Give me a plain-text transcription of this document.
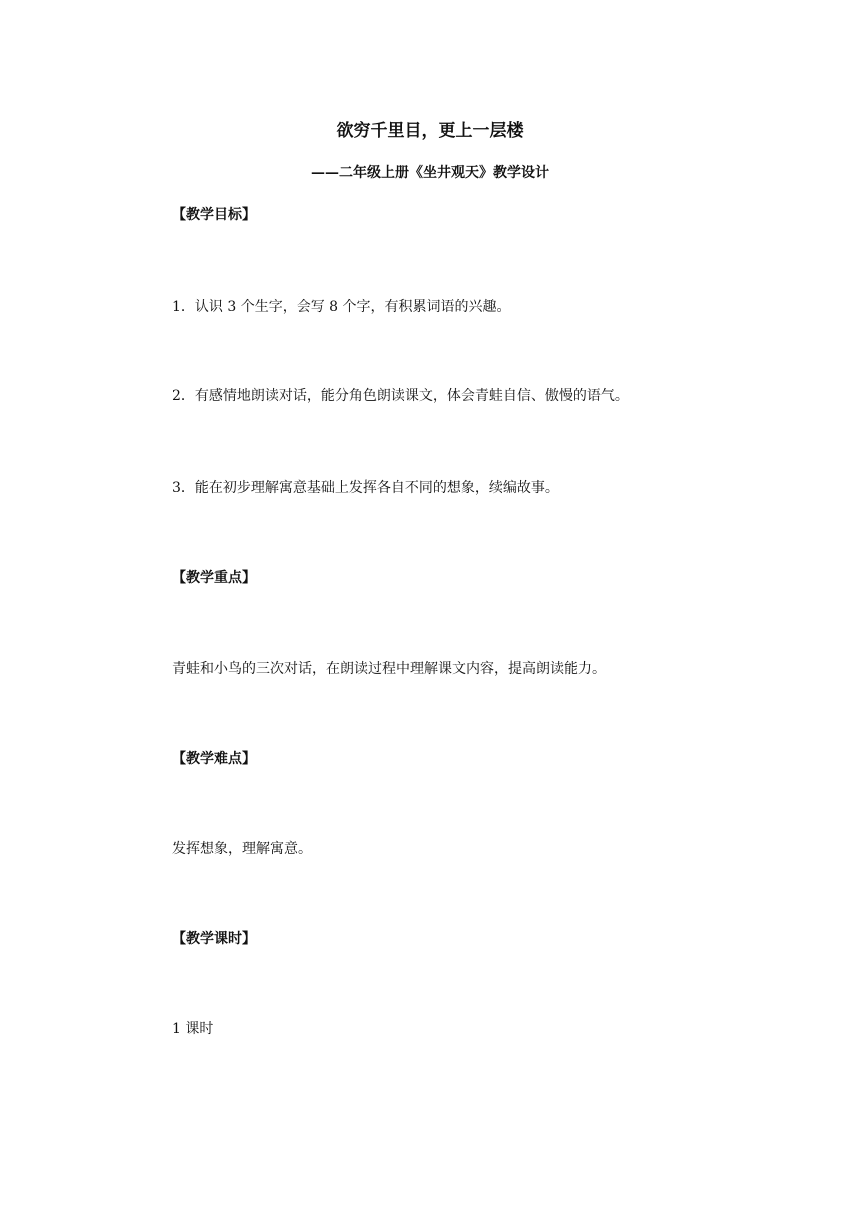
欲穷千里目，更上一层楼
——二年级上册《坐井观天》教学设计
【教学目标】
1．认识 3 个生字，会写 8 个字，有积累词语的兴趣。
2．有感情地朗读对话，能分角色朗读课文，体会青蛙自信、傲慢的语气。
3．能在初步理解寓意基础上发挥各自不同的想象，续编故事。
【教学重点】
青蛙和小鸟的三次对话，在朗读过程中理解课文内容，提高朗读能力。
【教学难点】
发挥想象，理解寓意。
【教学课时】
1 课时
